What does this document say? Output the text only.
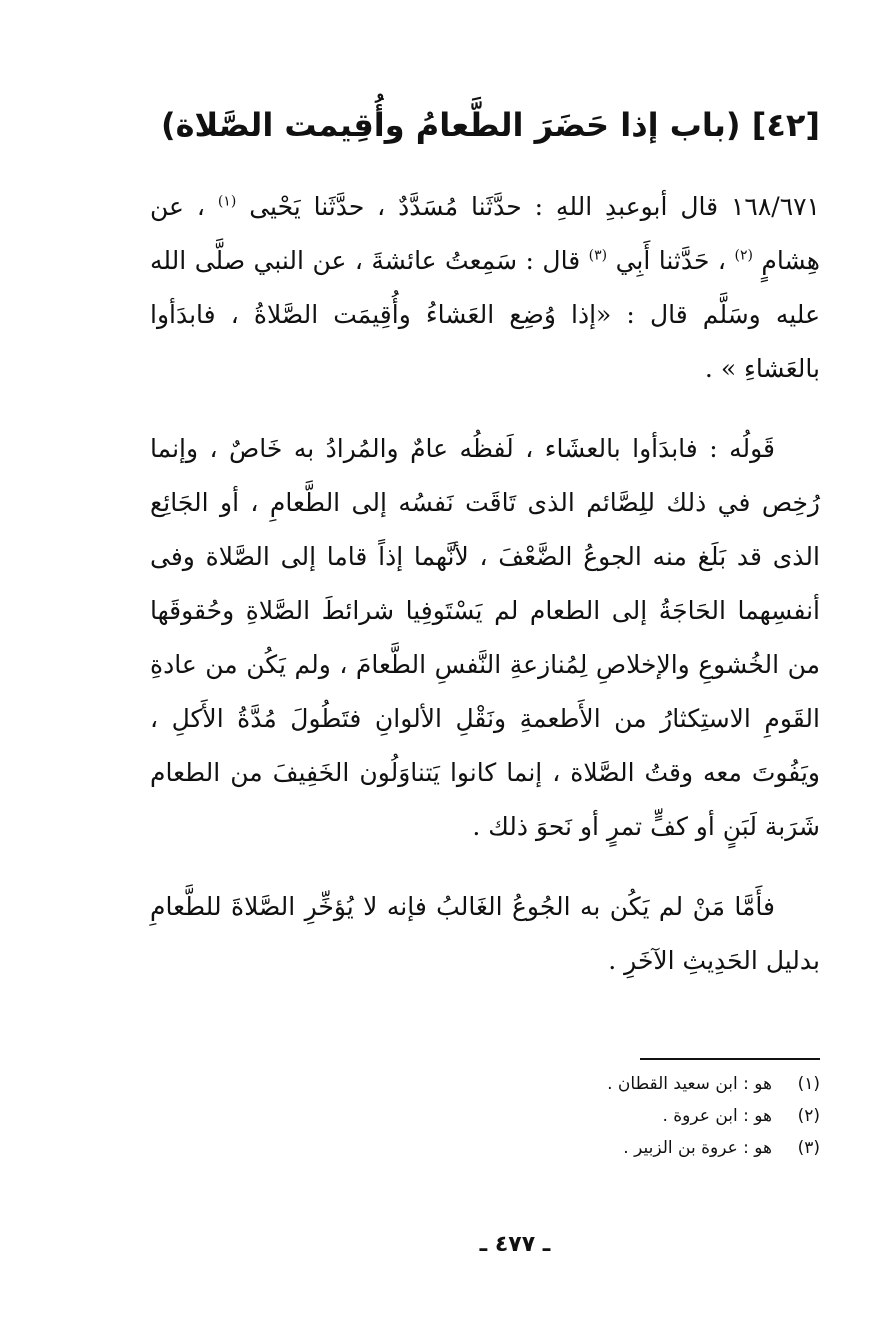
[٤٢] (باب إذا حَضَرَ الطَّعامُ وأُقِيمت الصَّلاة)

١٦٨/٦٧١ قال أبوعبدِ اللهِ : حدَّثَنا مُسَدَّدٌ ، حدَّثَنا يَحْيى $^{(١)}$ ، عن هِشامٍ $^{(٢)}$ ، حَدَّثنا أَبِي $^{(٣)}$ قال : سَمِعتُ عائشةَ ، عن النبي صلَّى الله عليه وسَلَّم قال : «إذا وُضِع العَشاءُ وأُقِيمَت الصَّلاةُ ، فابدَأوا بالعَشاءِ » .

قَولُه : فابدَأوا بالعشَاء ، لَفظُه عامٌ والمُرادُ به خَاصٌ ، وإنما رُخِص في ذلك للِصَّائم الذى تَاقَت نَفسُه إلى الطَّعامِ ، أو الجَائِع الذى قد بَلَغ منه الجوعُ الضَّعْفَ ، لأنَّهما إذاً قاما إلى الصَّلاة وفى أنفسِهما الحَاجَةُ إلى الطعام لم يَسْتَوفِيا شرائطَ الصَّلاةِ وحُقوقَها من الخُشوعِ والإخلاصِ لِمُنازعةِ النَّفسِ الطَّعامَ ، ولم يَكُن من عادةِ القَومِ الاستِكثارُ من الأَطعمةِ ونَقْلِ الألوانِ فتَطُولَ مُدَّةُ الأَكلِ ، ويَفُوتَ معه وقتُ الصَّلاة ، إنما كانوا يَتناوَلُون الخَفِيفَ من الطعام شَرَبة لَبَنٍ أو كفٍّ تمرٍ أو نَحوَ ذلك .

فأَمَّا مَنْ لم يَكُن به الجُوعُ الغَالبُ فإنه لا يُؤخِّرِ الصَّلاةَ للطَّعامِ بدليل الحَدِيثِ الآخَرِ .

(١)
هو : ابن سعيد القطان .
(٢)
هو : ابن عروة .
(٣)
هو : عروة بن الزبير .
ـ ٤٧٧ ـ
